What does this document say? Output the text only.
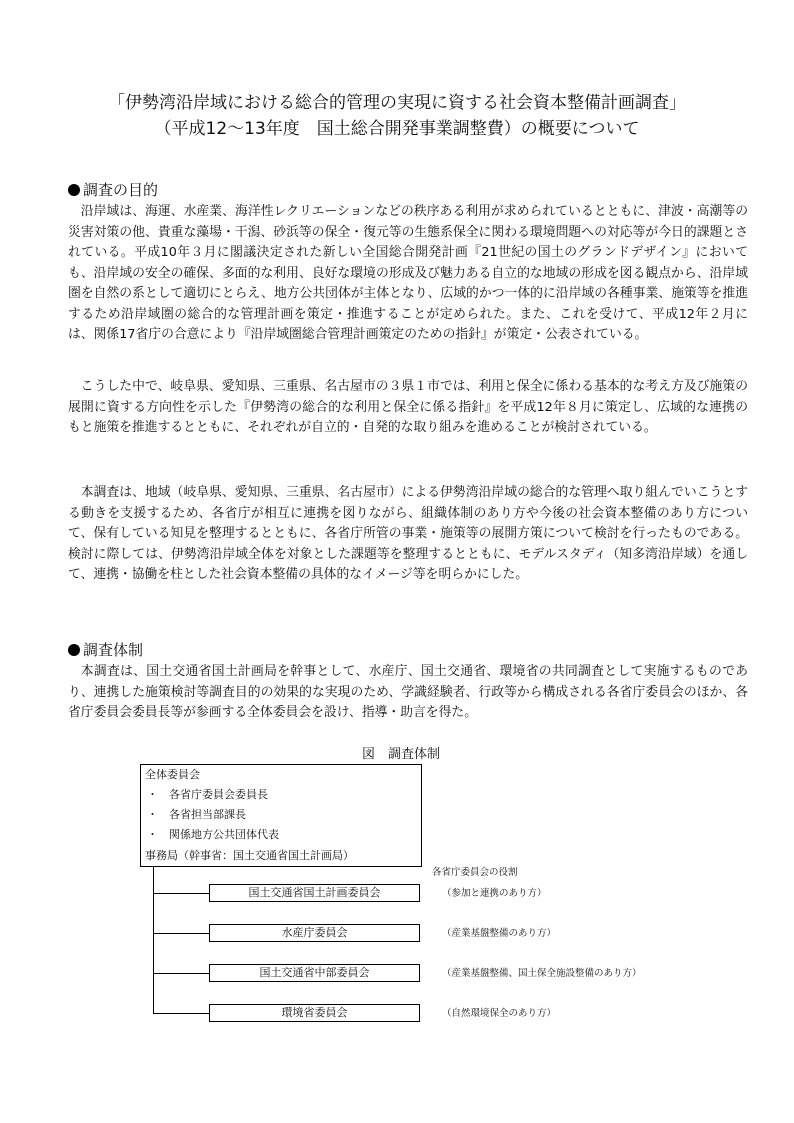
「伊勢湾沿岸域における総合的管理の実現に資する社会資本整備計画調査」
（平成12～13年度　国土総合開発事業調整費）の概要について
調査の目的

沿岸域は、海運、水産業、海洋性レクリエーションなどの秩序ある利用が求められているとともに、津波・高潮等の災害対策の他、貴重な藻場・干潟、砂浜等の保全・復元等の生態系保全に関わる環境問題への対応等が今日的課題とされている。平成10年３月に閣議決定された新しい全国総合開発計画『21世紀の国土のグランドデザイン』においても、沿岸域の安全の確保、多面的な利用、良好な環境の形成及び魅力ある自立的な地域の形成を図る観点から、沿岸域圏を自然の系として適切にとらえ、地方公共団体が主体となり、広域的かつ一体的に沿岸域の各種事業、施策等を推進するため沿岸域圏の総合的な管理計画を策定・推進することが定められた。また、これを受けて、平成12年２月には、関係17省庁の合意により『沿岸域圏総合管理計画策定のための指針』が策定・公表されている。

こうした中で、岐阜県、愛知県、三重県、名古屋市の３県１市では、利用と保全に係わる基本的な考え方及び施策の展開に資する方向性を示した『伊勢湾の総合的な利用と保全に係る指針』を平成12年８月に策定し、広域的な連携のもと施策を推進するとともに、それぞれが自立的・自発的な取り組みを進めることが検討されている。

本調査は、地域（岐阜県、愛知県、三重県、名古屋市）による伊勢湾沿岸域の総合的な管理へ取り組んでいこうとする動きを支援するため、各省庁が相互に連携を図りながら、組織体制のあり方や今後の社会資本整備のあり方について、保有している知見を整理するとともに、各省庁所管の事業・施策等の展開方策について検討を行ったものである。検討に際しては、伊勢湾沿岸域全体を対象とした課題等を整理するとともに、モデルスタディ（知多湾沿岸域）を通して、連携・協働を柱とした社会資本整備の具体的なイメージ等を明らかにした。

調査体制

本調査は、国土交通省国土計画局を幹事として、水産庁、国土交通省、環境省の共同調査として実施するものであり、連携した施策検討等調査目的の効果的な実現のため、学識経験者、行政等から構成される各省庁委員会のほか、各省庁委員会委員長等が参画する全体委員会を設け、指導・助言を得た。

図　調査体制
全体委員会
・ 各省庁委員会委員長
・ 各省担当部課長
・ 関係地方公共団体代表
事務局（幹事省：国土交通省国土計画局）
各省庁委員会の役割
国土交通省国土計画委員会	（参加と連携のあり方）
水産庁委員会	（産業基盤整備のあり方）
国土交通省中部委員会	（産業基盤整備、国土保全施設整備のあり方）
環境省委員会	（自然環境保全のあり方）
